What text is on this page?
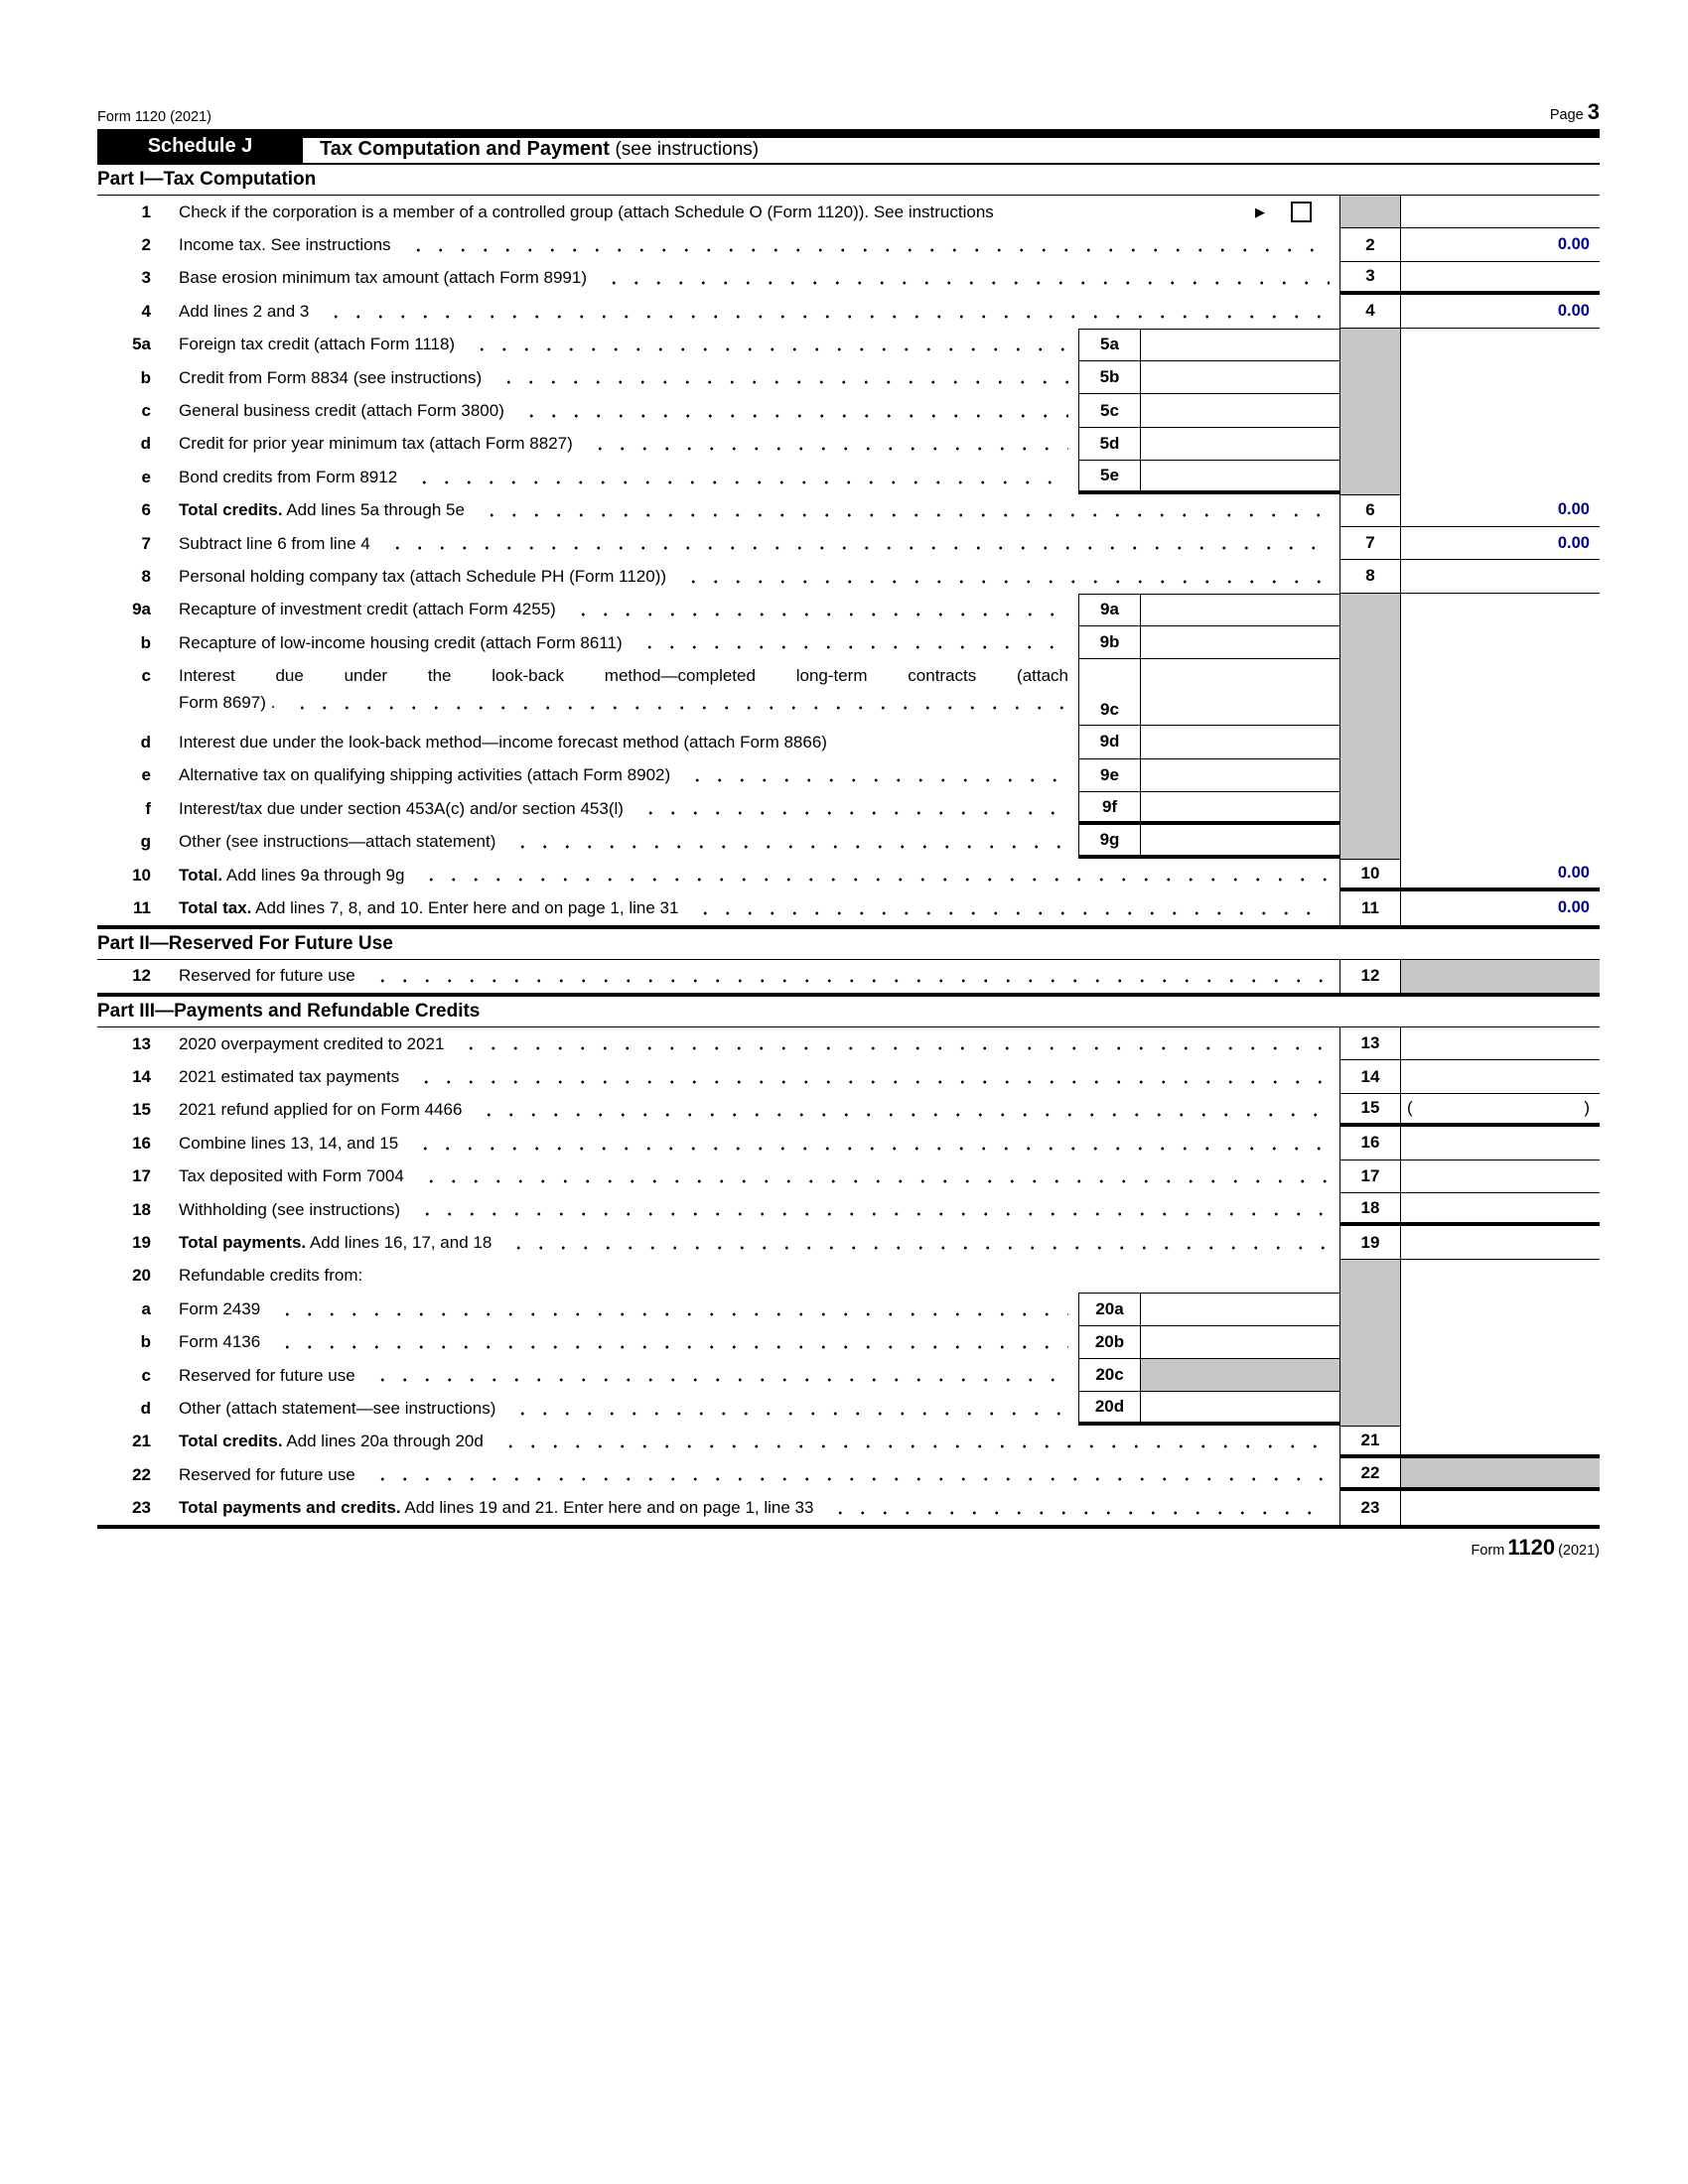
Form 1120 (2021)	Page 3
Schedule J	Tax Computation and Payment (see instructions)
Part I—Tax Computation
1 Check if the corporation is a member of a controlled group (attach Schedule O (Form 1120)). See instructions	▶
2 Income tax. See instructions	2	0.00
3 Base erosion minimum tax amount (attach Form 8991)	3
4 Add lines 2 and 3	4	0.00
5a Foreign tax credit (attach Form 1118)	5a
b Credit from Form 8834 (see instructions)	5b
c General business credit (attach Form 3800)	5c
d Credit for prior year minimum tax (attach Form 8827)	5d
e Bond credits from Form 8912	5e
6 Total credits. Add lines 5a through 5e	6	0.00
7 Subtract line 6 from line 4	7	0.00
8 Personal holding company tax (attach Schedule PH (Form 1120))	8
9a Recapture of investment credit (attach Form 4255)	9a
b Recapture of low-income housing credit (attach Form 8611)	9b
c Interest due under the look-back method—completed long-term contracts (attach
Form 8697) .	9c
d Interest due under the look-back method—income forecast method (attach Form 8866)	9d
e Alternative tax on qualifying shipping activities (attach Form 8902)	9e
f Interest/tax due under section 453A(c) and/or section 453(l)	9f
g Other (see instructions—attach statement)	9g
10 Total. Add lines 9a through 9g	10	0.00
11 Total tax. Add lines 7, 8, and 10. Enter here and on page 1, line 31	11	0.00
Part II—Reserved For Future Use
12 Reserved for future use	12
Part III—Payments and Refundable Credits
13 2020 overpayment credited to 2021	13
14 2021 estimated tax payments	14
15 2021 refund applied for on Form 4466	15	(	)
16 Combine lines 13, 14, and 15	16
17 Tax deposited with Form 7004	17
18 Withholding (see instructions)	18
19 Total payments. Add lines 16, 17, and 18	19
20 Refundable credits from:
a Form 2439	20a
b Form 4136	20b
c Reserved for future use	20c
d Other (attach statement—see instructions)	20d
21 Total credits. Add lines 20a through 20d	21
22 Reserved for future use	22
23 Total payments and credits. Add lines 19 and 21. Enter here and on page 1, line 33	23
Form 1120 (2021)
